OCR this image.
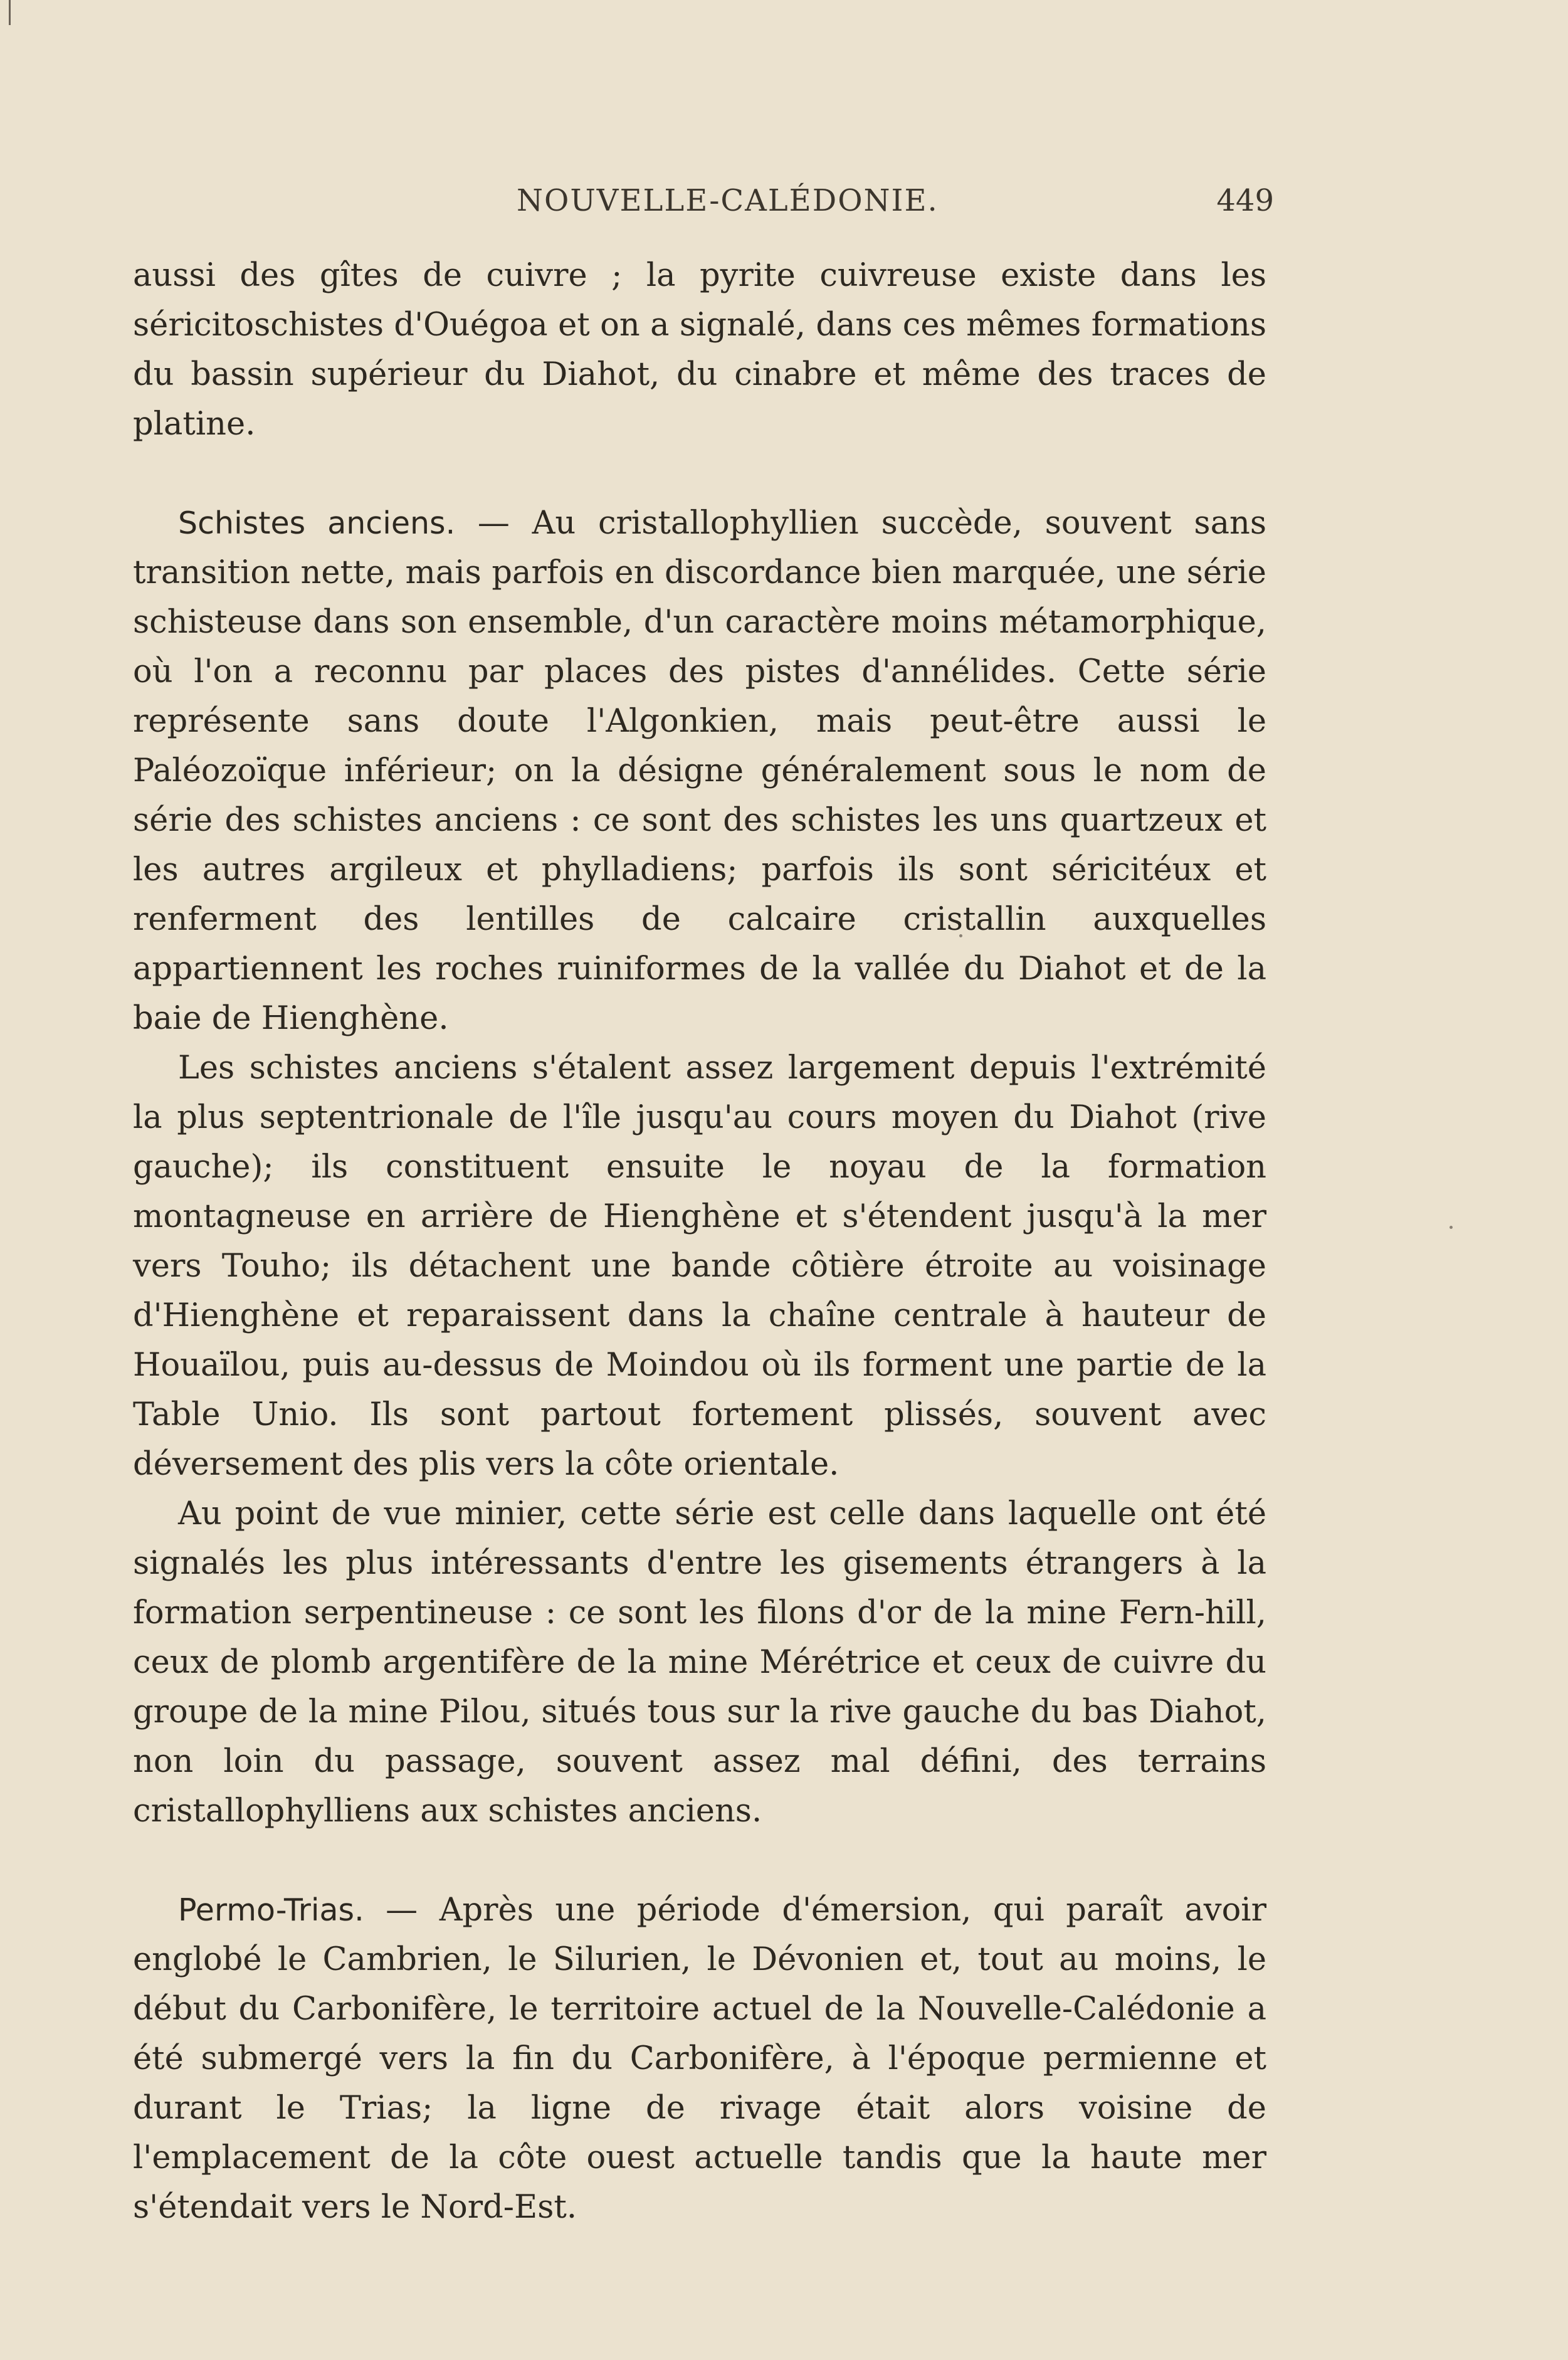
NOUVELLE-CALÉDONIE.	449

aussi des gîtes de cuivre ; la pyrite cuivreuse existe dans les séricitoschistes d'Ouégoa et on a signalé, dans ces mêmes formations du bassin supérieur du Diahot, du cinabre et même des traces de platine.

Schistes anciens. — Au cristallophyllien succède, souvent sans transition nette, mais parfois en discordance bien marquée, une série schisteuse dans son ensemble, d'un caractère moins métamorphique, où l'on a reconnu par places des pistes d'annélides. Cette série représente sans doute l'Algonkien, mais peut-être aussi le Paléozoïque inférieur; on la désigne généralement sous le nom de série des schistes anciens : ce sont des schistes les uns quartzeux et les autres argileux et phylladiens; parfois ils sont séricitéux et renferment des lentilles de calcaire cristallin auxquelles appartiennent les roches ruiniformes de la vallée du Diahot et de la baie de Hienghène.

Les schistes anciens s'étalent assez largement depuis l'extrémité la plus septentrionale de l'île jusqu'au cours moyen du Diahot (rive gauche); ils constituent ensuite le noyau de la formation montagneuse en arrière de Hienghène et s'étendent jusqu'à la mer vers Touho; ils détachent une bande côtière étroite au voisinage d'Hienghène et reparaissent dans la chaîne centrale à hauteur de Houaïlou, puis au-dessus de Moindou où ils forment une partie de la Table Unio. Ils sont partout fortement plissés, souvent avec déversement des plis vers la côte orientale.

Au point de vue minier, cette série est celle dans laquelle ont été signalés les plus intéressants d'entre les gisements étrangers à la formation serpentineuse : ce sont les filons d'or de la mine Fern-hill, ceux de plomb argentifère de la mine Mérétrice et ceux de cuivre du groupe de la mine Pilou, situés tous sur la rive gauche du bas Diahot, non loin du passage, souvent assez mal défini, des terrains cristallophylliens aux schistes anciens.

Permo-Trias. — Après une période d'émersion, qui paraît avoir englobé le Cambrien, le Silurien, le Dévonien et, tout au moins, le début du Carbonifère, le territoire actuel de la Nouvelle-Calédonie a été submergé vers la fin du Carbonifère, à l'époque permienne et durant le Trias; la ligne de rivage était alors voisine de l'emplacement de la côte ouest actuelle tandis que la haute mer s'étendait vers le Nord-Est.
